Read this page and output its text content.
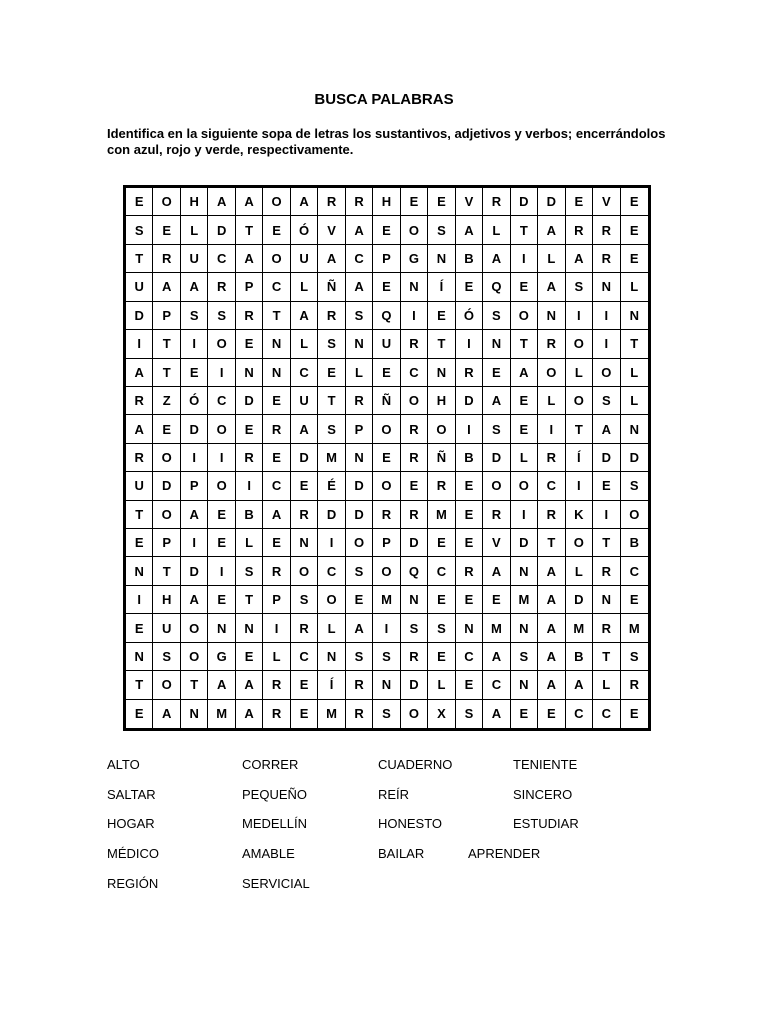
BUSCA PALABRAS
Identifica en la siguiente sopa de letras los sustantivos, adjetivos y verbos; encerrándolos con azul, rojo y verde, respectivamente.
E	O	H	A	A	O	A	R	R	H	E	E	V	R	D	D	E	V	E
S	E	L	D	T	E	Ó	V	A	E	O	S	A	L	T	A	R	R	E
T	R	U	C	A	O	U	A	C	P	G	N	B	A	I	L	A	R	E
U	A	A	R	P	C	L	Ñ	A	E	N	Í	E	Q	E	A	S	N	L
D	P	S	S	R	T	A	R	S	Q	I	E	Ó	S	O	N	I	I	N
I	T	I	O	E	N	L	S	N	U	R	T	I	N	T	R	O	I	T
A	T	E	I	N	N	C	E	L	E	C	N	R	E	A	O	L	O	L
R	Z	Ó	C	D	E	U	T	R	Ñ	O	H	D	A	E	L	O	S	L
A	E	D	O	E	R	A	S	P	O	R	O	I	S	E	I	T	A	N
R	O	I	I	R	E	D	M	N	E	R	Ñ	B	D	L	R	Í	D	D
U	D	P	O	I	C	E	É	D	O	E	R	E	O	O	C	I	E	S
T	O	A	E	B	A	R	D	D	R	R	M	E	R	I	R	K	I	O
E	P	I	E	L	E	N	I	O	P	D	E	E	V	D	T	O	T	B
N	T	D	I	S	R	O	C	S	O	Q	C	R	A	N	A	L	R	C
I	H	A	E	T	P	S	O	E	M	N	E	E	E	M	A	D	N	E
E	U	O	N	N	I	R	L	A	I	S	S	N	M	N	A	M	R	M
N	S	O	G	E	L	C	N	S	S	R	E	C	A	S	A	B	T	S
T	O	T	A	A	R	E	Í	R	N	D	L	E	C	N	A	A	L	R
E	A	N	M	A	R	E	M	R	S	O	X	S	A	E	E	C	C	E
ALTO	CORRER	CUADERNO	TENIENTE
SALTAR	PEQUEÑO	REÍR	SINCERO
HOGAR	MEDELLÍN	HONESTO	ESTUDIAR
MÉDICO	AMABLE	BAILAR	APRENDER
REGIÓN	SERVICIAL
